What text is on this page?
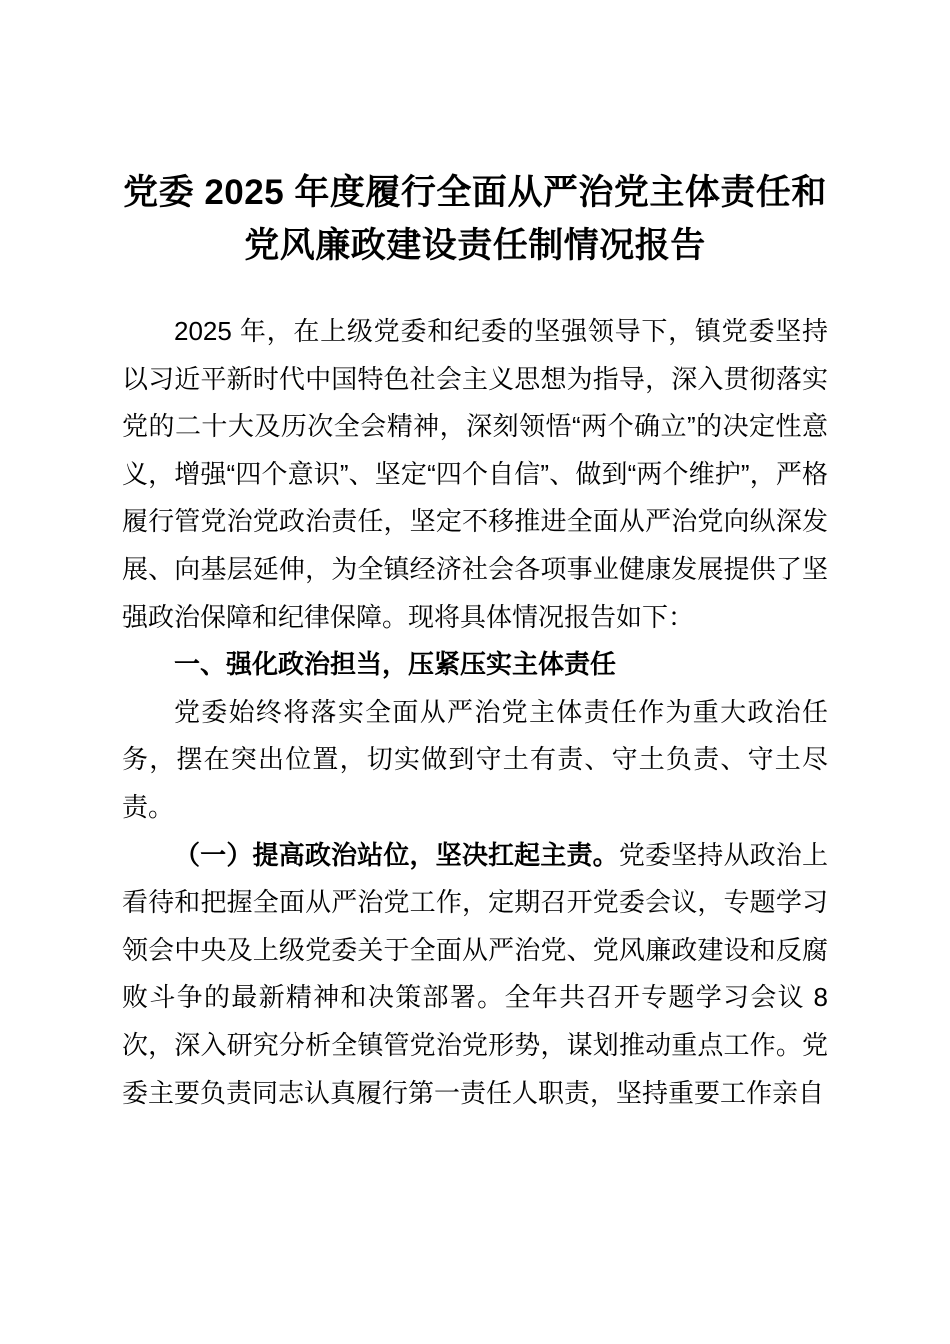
党委 2025 年度履行全面从严治党主体责任和党风廉政建设责任制情况报告

2025 年，在上级党委和纪委的坚强领导下，镇党委坚持以习近平新时代中国特色社会主义思想为指导，深入贯彻落实党的二十大及历次全会精神，深刻领悟“两个确立”的决定性意义，增强“四个意识”、坚定“四个自信”、做到“两个维护”，严格履行管党治党政治责任，坚定不移推进全面从严治党向纵深发展、向基层延伸，为全镇经济社会各项事业健康发展提供了坚强政治保障和纪律保障。现将具体情况报告如下：

一、强化政治担当，压紧压实主体责任

党委始终将落实全面从严治党主体责任作为重大政治任务，摆在突出位置，切实做到守土有责、守土负责、守土尽责。

（一）提高政治站位，坚决扛起主责。党委坚持从政治上看待和把握全面从严治党工作，定期召开党委会议，专题学习领会中央及上级党委关于全面从严治党、党风廉政建设和反腐败斗争的最新精神和决策部署。全年共召开专题学习会议 8 次，深入研究分析全镇管党治党形势，谋划推动重点工作。党委主要负责同志认真履行第一责任人职责，坚持重要工作亲自
